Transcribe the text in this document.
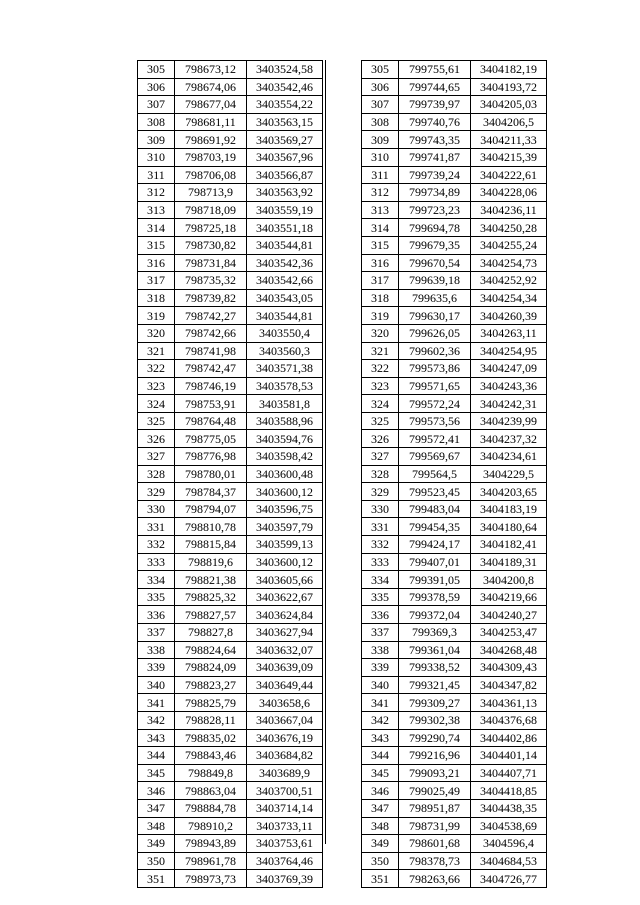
305	798673,12	3403524,58
306	798674,06	3403542,46
307	798677,04	3403554,22
308	798681,11	3403563,15
309	798691,92	3403569,27
310	798703,19	3403567,96
311	798706,08	3403566,87
312	798713,9	3403563,92
313	798718,09	3403559,19
314	798725,18	3403551,18
315	798730,82	3403544,81
316	798731,84	3403542,36
317	798735,32	3403542,66
318	798739,82	3403543,05
319	798742,27	3403544,81
320	798742,66	3403550,4
321	798741,98	3403560,3
322	798742,47	3403571,38
323	798746,19	3403578,53
324	798753,91	3403581,8
325	798764,48	3403588,96
326	798775,05	3403594,76
327	798776,98	3403598,42
328	798780,01	3403600,48
329	798784,37	3403600,12
330	798794,07	3403596,75
331	798810,78	3403597,79
332	798815,84	3403599,13
333	798819,6	3403600,12
334	798821,38	3403605,66
335	798825,32	3403622,67
336	798827,57	3403624,84
337	798827,8	3403627,94
338	798824,64	3403632,07
339	798824,09	3403639,09
340	798823,27	3403649,44
341	798825,79	3403658,6
342	798828,11	3403667,04
343	798835,02	3403676,19
344	798843,46	3403684,82
345	798849,8	3403689,9
346	798863,04	3403700,51
347	798884,78	3403714,14
348	798910,2	3403733,11
349	798943,89	3403753,61
350	798961,78	3403764,46
351	798973,73	3403769,39
305	799755,61	3404182,19
306	799744,65	3404193,72
307	799739,97	3404205,03
308	799740,76	3404206,5
309	799743,35	3404211,33
310	799741,87	3404215,39
311	799739,24	3404222,61
312	799734,89	3404228,06
313	799723,23	3404236,11
314	799694,78	3404250,28
315	799679,35	3404255,24
316	799670,54	3404254,73
317	799639,18	3404252,92
318	799635,6	3404254,34
319	799630,17	3404260,39
320	799626,05	3404263,11
321	799602,36	3404254,95
322	799573,86	3404247,09
323	799571,65	3404243,36
324	799572,24	3404242,31
325	799573,56	3404239,99
326	799572,41	3404237,32
327	799569,67	3404234,61
328	799564,5	3404229,5
329	799523,45	3404203,65
330	799483,04	3404183,19
331	799454,35	3404180,64
332	799424,17	3404182,41
333	799407,01	3404189,31
334	799391,05	3404200,8
335	799378,59	3404219,66
336	799372,04	3404240,27
337	799369,3	3404253,47
338	799361,04	3404268,48
339	799338,52	3404309,43
340	799321,45	3404347,82
341	799309,27	3404361,13
342	799302,38	3404376,68
343	799290,74	3404402,86
344	799216,96	3404401,14
345	799093,21	3404407,71
346	799025,49	3404418,85
347	798951,87	3404438,35
348	798731,99	3404538,69
349	798601,68	3404596,4
350	798378,73	3404684,53
351	798263,66	3404726,77
